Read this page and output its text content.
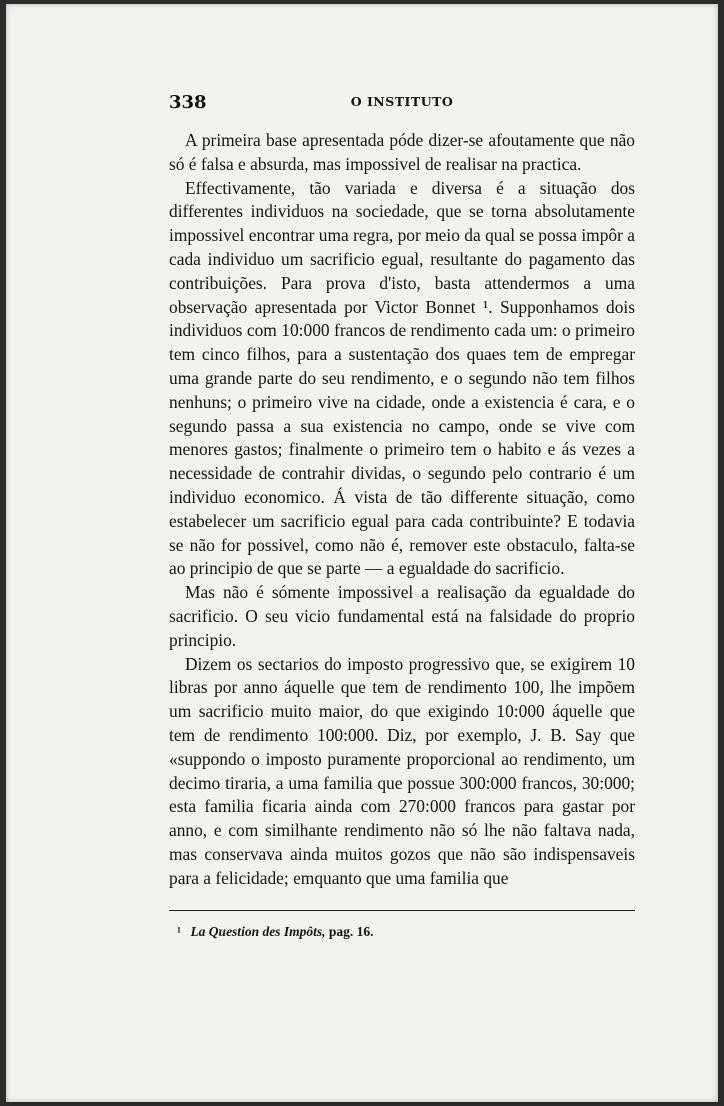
338	O INSTITUTO

A primeira base apresentada póde dizer-se afoutamente que não só é falsa e absurda, mas impossivel de realisar na practica.

Effectivamente, tão variada e diversa é a situação dos differentes individuos na sociedade, que se torna absolutamente impossivel encontrar uma regra, por meio da qual se possa impôr a cada individuo um sacrificio egual, resultante do pagamento das contribuições. Para prova d'isto, basta attendermos a uma observação apresentada por Victor Bonnet ¹. Supponhamos dois individuos com 10:000 francos de rendimento cada um: o primeiro tem cinco filhos, para a sustentação dos quaes tem de empregar uma grande parte do seu rendimento, e o segundo não tem filhos nenhuns; o primeiro vive na cidade, onde a existencia é cara, e o segundo passa a sua existencia no campo, onde se vive com menores gastos; finalmente o primeiro tem o habito e ás vezes a necessidade de contrahir dividas, o segundo pelo contrario é um individuo economico. Á vista de tão differente situação, como estabelecer um sacrificio egual para cada contribuinte? E todavia se não for possivel, como não é, remover este obstaculo, falta-se ao principio de que se parte — a egualdade do sacrificio.

Mas não é sómente impossivel a realisação da egualdade do sacrificio. O seu vicio fundamental está na falsidade do proprio principio.

Dizem os sectarios do imposto progressivo que, se exigirem 10 libras por anno áquelle que tem de rendimento 100, lhe impõem um sacrificio muito maior, do que exigindo 10:000 áquelle que tem de rendimento 100:000. Diz, por exemplo, J. B. Say que «suppondo o imposto puramente proporcional ao rendimento, um decimo tiraria, a uma familia que possue 300:000 francos, 30:000; esta familia ficaria ainda com 270:000 francos para gastar por anno, e com similhante rendimento não só lhe não faltava nada, mas conservava ainda muitos gozos que não são indispensaveis para a felicidade; emquanto que uma familia que

¹ La Question des Impôts, pag. 16.
